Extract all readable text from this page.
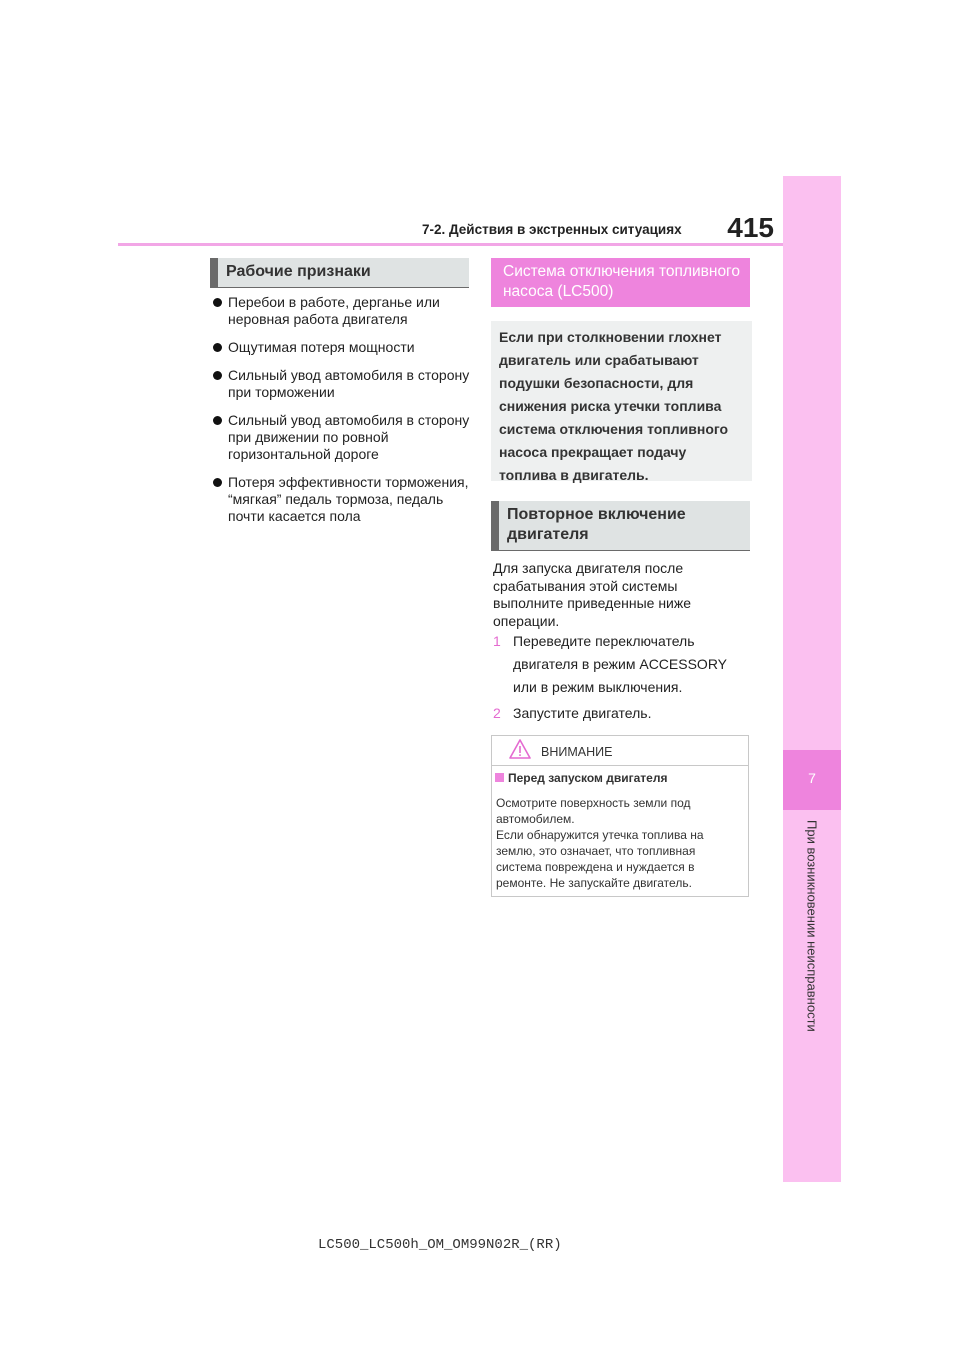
415
7-2. Действия в экстренных ситуациях
7
При возникновении неисправности
Рабочие признаки
Перебои в работе, дерганье или неровная работа двигателя
Ощутимая потеря мощности
Сильный увод автомобиля в сторону при торможении
Сильный увод автомобиля в сторону при движении по ровной горизонтальной дороге
Потеря эффективности торможения, “мягкая” педаль тормоза, педаль почти касается пола
Система отключения топливного насоса (LC500)
Если при столкновении глохнет двигатель или срабатывают подушки безопасности, для снижения риска утечки топлива система отключения топливного насоса прекращает подачу топлива в двигатель.
Повторное включение двигателя
Для запуска двигателя после срабатывания этой системы выполните приведенные ниже операции.
1 Переведите переключатель двигателя в режим ACCESSORY или в режим выключения.
2 Запустите двигатель.
ВНИМАНИЕ
Перед запуском двигателя
Осмотрите поверхность земли под автомобилем.
Если обнаружится утечка топлива на землю, это означает, что топливная система повреждена и нуждается в ремонте. Не запускайте двигатель.
LC500_LC500h_OM_OM99N02R_(RR)
